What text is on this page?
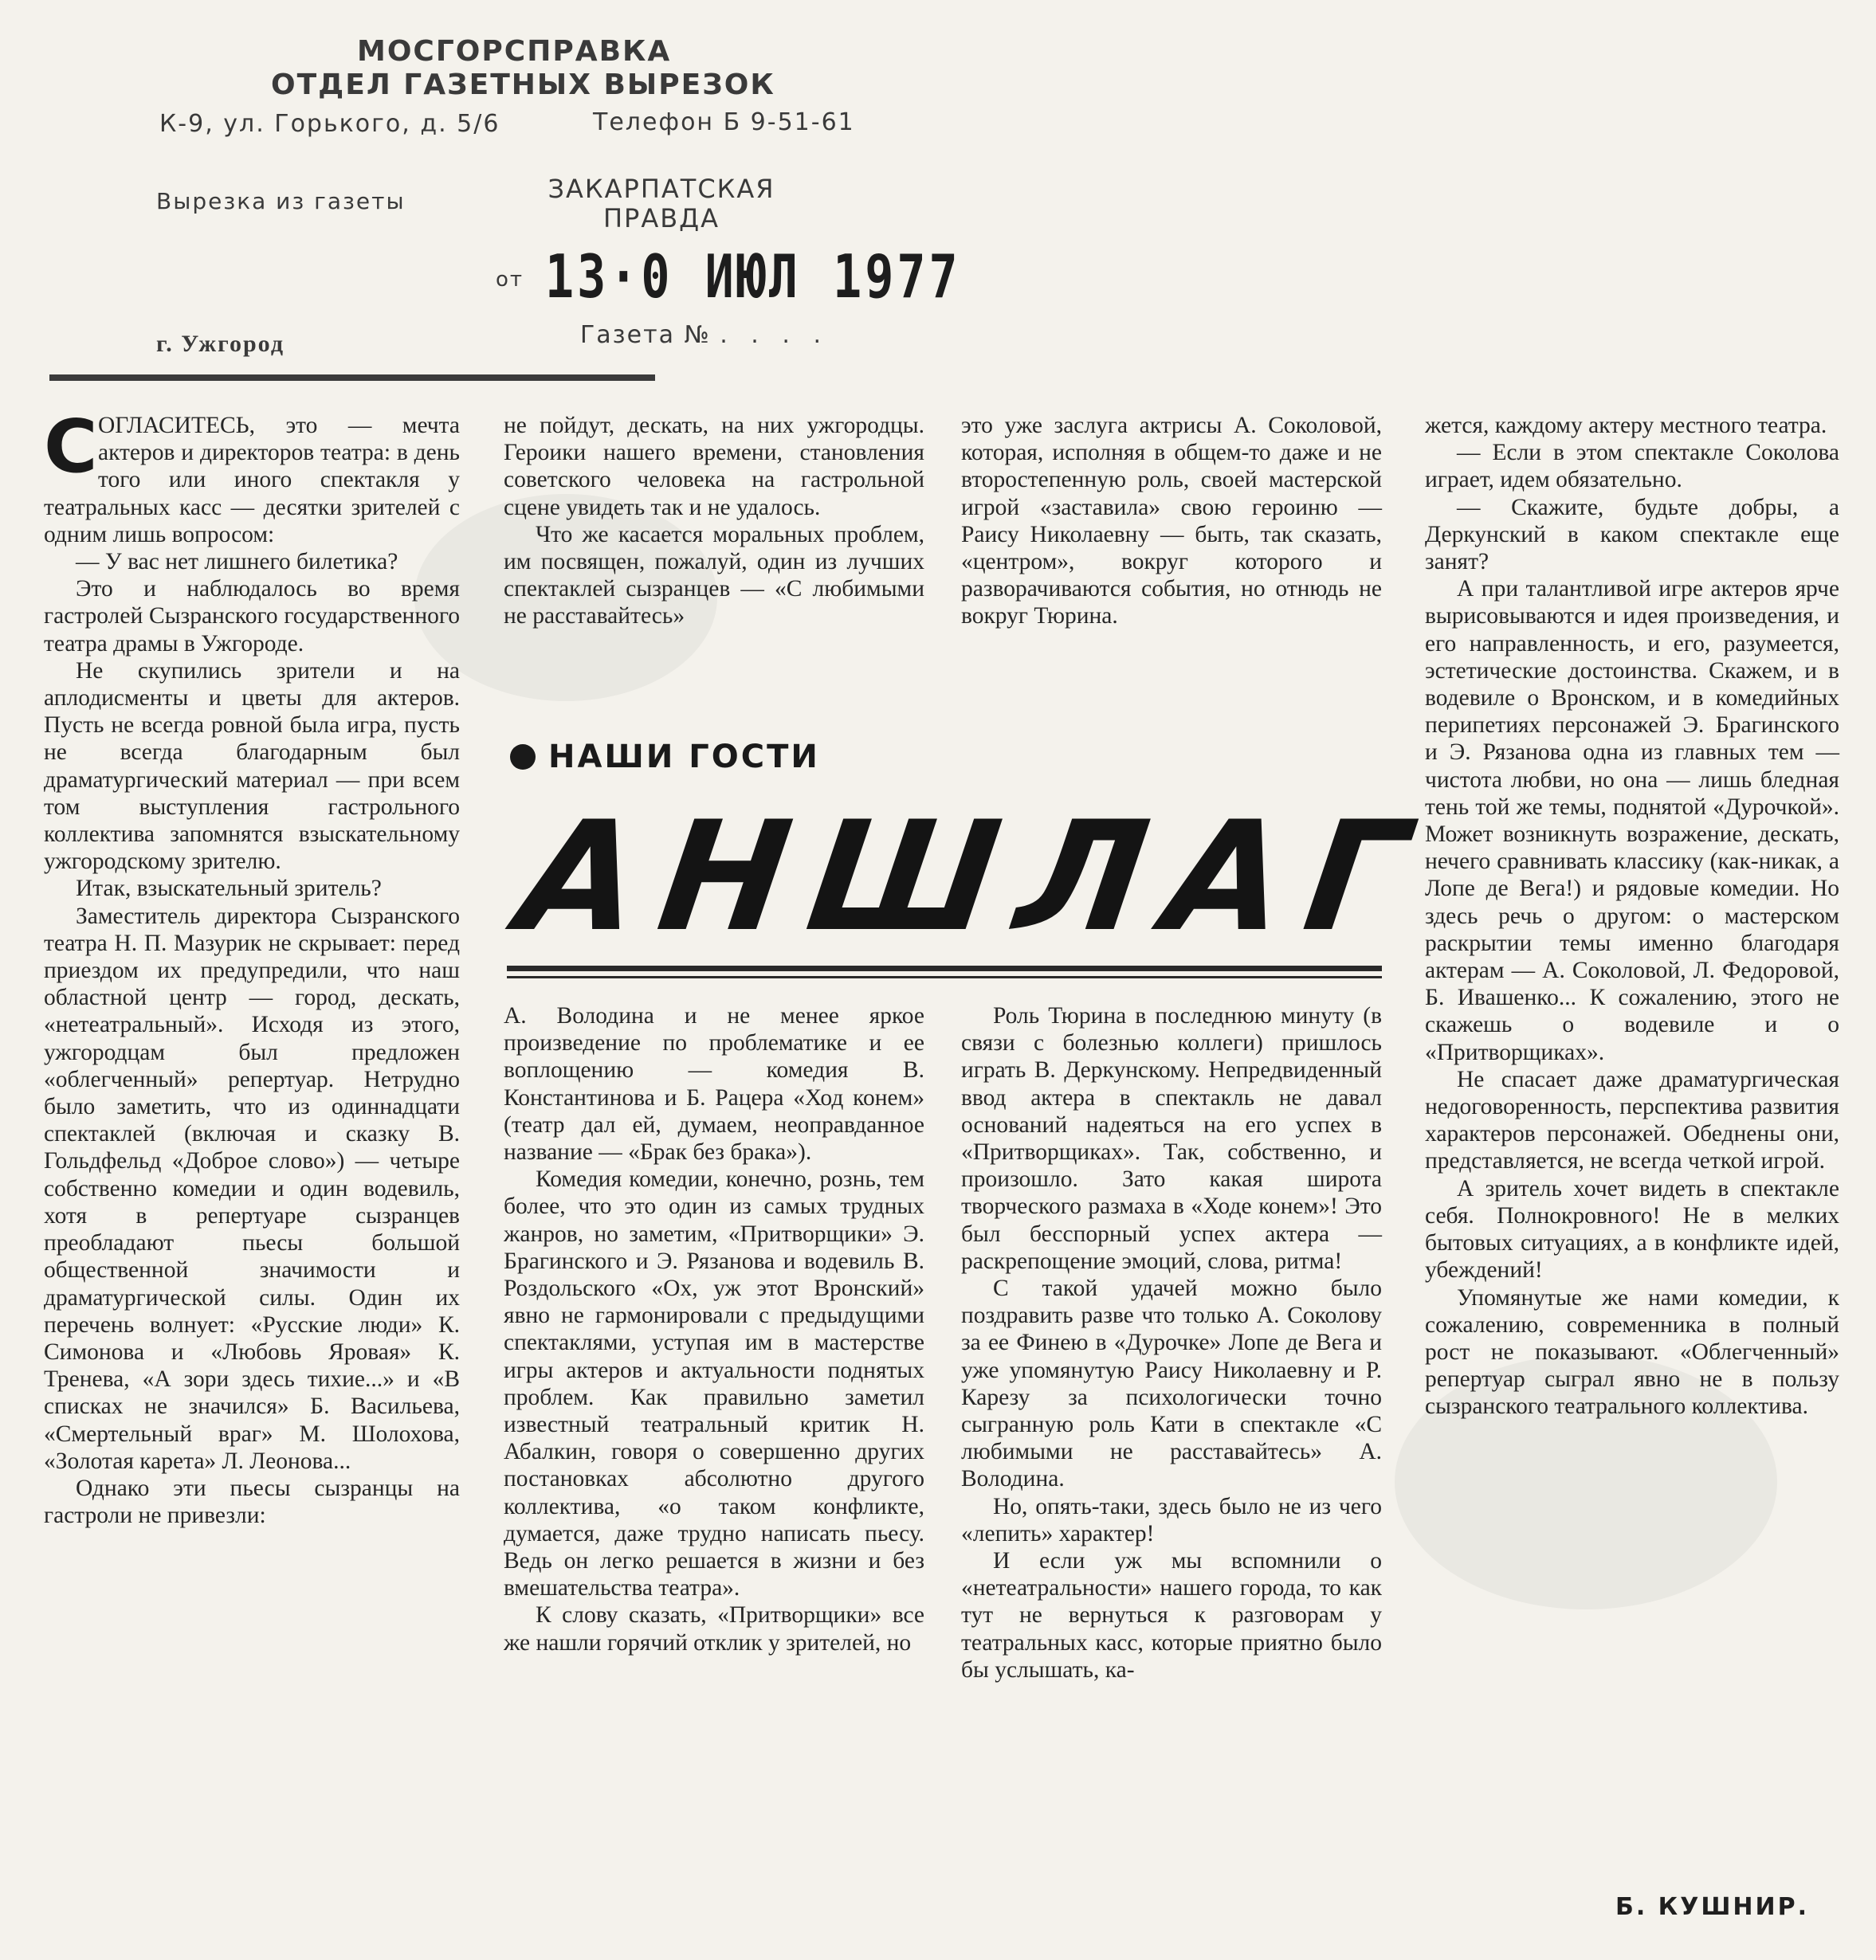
МОСГОРСПРАВКА
ОТДЕЛ ГАЗЕТНЫХ ВЫРЕЗОК
К-9, ул. Горького, д. 5/6	Телефон Б 9-51-61
Вырезка из газеты	ЗАКАРПАТСКАЯ
ПРАВДА
от 13·0 ИЮЛ 1977
г. Ужгород	Газета № . . . .
С ОГЛАСИТЕСЬ, это — мечта актеров и директоров театра: в день того или иного спектакля у театральных касс — десятки зрителей с одним лишь вопросом:

— У вас нет лишнего билетика?

Это и наблюдалось во время гастролей Сызранского государственного театра драмы в Ужгороде.

Не скупились зрители и на аплодисменты и цветы для актеров. Пусть не всегда ровной была игра, пусть не всегда благодарным был драматургический материал — при всем том выступления гастрольного коллектива запомнятся взыскательному ужгородскому зрителю.

Итак, взыскательный зритель?

Заместитель директора Сызранского театра Н. П. Мазурик не скрывает: перед приездом их предупредили, что наш областной центр — город, дескать, «нетеатральный». Исходя из этого, ужгородцам был предложен «облегченный» репертуар. Нетрудно было заметить, что из одиннадцати спектаклей (включая и сказку В. Гольдфельд «Доброе слово») — четыре собственно комедии и один водевиль, хотя в репертуаре сызранцев преобладают пьесы большой общественной значимости и драматургической силы. Один их перечень волнует: «Русские люди» К. Симонова и «Любовь Яровая» К. Тренева, «А зори здесь тихие...» и «В списках не значился» Б. Васильева, «Смертельный враг» М. Шолохова, «Золотая карета» Л. Леонова...

Однако эти пьесы сызранцы на гастроли не привезли:

не пойдут, дескать, на них ужгородцы. Героики нашего времени, становления советского человека на гастрольной сцене увидеть так и не удалось.

Что же касается моральных проблем, им посвящен, пожалуй, один из лучших спектаклей сызранцев — «С любимыми не расставайтесь»

это уже заслуга актрисы А. Соколовой, которая, исполняя в общем-то даже и не второстепенную роль, своей мастерской игрой «заставила» свою героиню — Раису Николаевну — быть, так сказать, «центром», вокруг которого и разворачиваются события, но отнюдь не вокруг Тюрина.

НАШИ ГОСТИ
АНШЛАГ

А. Володина и не менее яркое произведение по проблематике и ее воплощению — комедия В. Константинова и Б. Рацера «Ход конем» (театр дал ей, думаем, неоправданное название — «Брак без брака»).

Комедия комедии, конечно, рознь, тем более, что это один из самых трудных жанров, но заметим, «Притворщики» Э. Брагинского и Э. Рязанова и водевиль В. Роздольского «Ох, уж этот Вронский» явно не гармонировали с предыдущими спектаклями, уступая им в мастерстве игры актеров и актуальности поднятых проблем. Как правильно заметил известный театральный критик Н. Абалкин, говоря о совершенно других постановках абсолютно другого коллектива, «о таком конфликте, думается, даже трудно написать пьесу. Ведь он легко решается в жизни и без вмешательства театра».

К слову сказать, «Притворщики» все же нашли горячий отклик у зрителей, но

Роль Тюрина в последнюю минуту (в связи с болезнью коллеги) пришлось играть В. Деркунскому. Непредвиденный ввод актера в спектакль не давал оснований надеяться на его успех в «Притворщиках». Так, собственно, и произошло. Зато какая широта творческого размаха в «Ходе конем»! Это был бесспорный успех актера — раскрепощение эмоций, слова, ритма!

С такой удачей можно было поздравить разве что только А. Соколову за ее Финею в «Дурочке» Лопе де Вега и уже упомянутую Раису Николаевну и Р. Карезу за психологически точно сыгранную роль Кати в спектакле «С любимыми не расставайтесь» А. Володина.

Но, опять-таки, здесь было не из чего «лепить» характер!

И если уж мы вспомнили о «нетеатральности» нашего города, то как тут не вернуться к разговорам у театральных касс, которые приятно было бы услышать, ка-

жется, каждому актеру местного театра.

— Если в этом спектакле Соколова играет, идем обязательно.

— Скажите, будьте добры, а Деркунский в каком спектакле еще занят?

А при талантливой игре актеров ярче вырисовываются и идея произведения, и его направленность, и его, разумеется, эстетические достоинства. Скажем, и в водевиле о Вронском, и в комедийных перипетиях персонажей Э. Брагинского и Э. Рязанова одна из главных тем — чистота любви, но она — лишь бледная тень той же темы, поднятой «Дурочкой». Может возникнуть возражение, дескать, нечего сравнивать классику (как-никак, а Лопе де Вега!) и рядовые комедии. Но здесь речь о другом: о мастерском раскрытии темы именно благодаря актерам — А. Соколовой, Л. Федоровой, Б. Ивашенко... К сожалению, этого не скажешь о водевиле и о «Притворщиках».

Не спасает даже драматургическая недоговоренность, перспектива развития характеров персонажей. Обеднены они, представляется, не всегда четкой игрой.

А зритель хочет видеть в спектакле себя. Полнокровного! Не в мелких бытовых ситуациях, а в конфликте идей, убеждений!

Упомянутые же нами комедии, к сожалению, современника в полный рост не показывают. «Облегченный» репертуар сыграл явно не в пользу сызранского театрального коллектива.

Б. КУШНИР.
